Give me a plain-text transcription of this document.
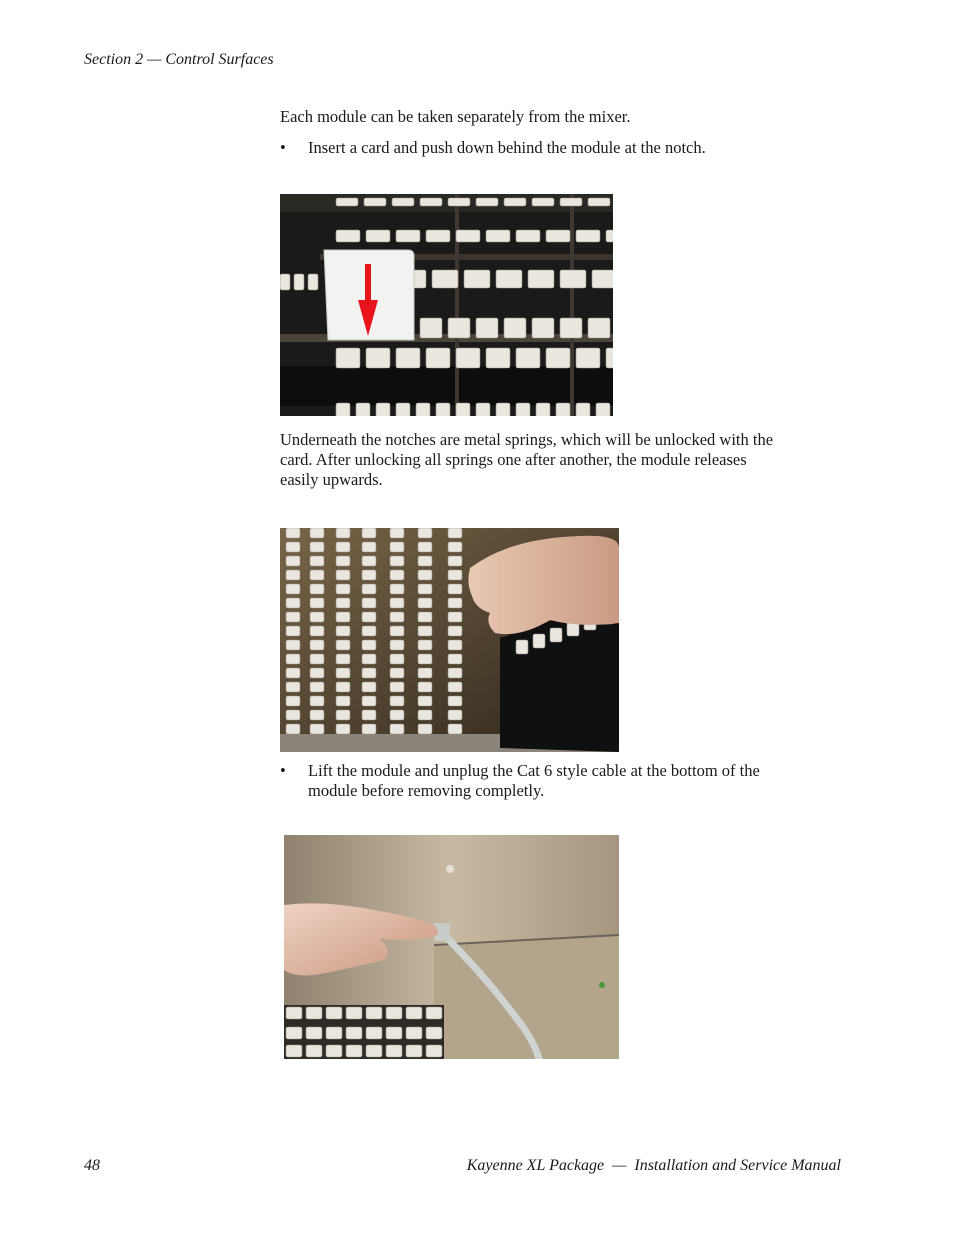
Section 2 — Control Surfaces
Each module can be taken separately from the mixer.
• Insert a card and push down behind the module at the notch.
Underneath the notches are metal springs, which will be unlocked with the
card. After unlocking all springs one after another, the module releases
easily upwards.
• Lift the module and unplug the Cat 6 style cable at the bottom of the
module before removing completly.
48	Kayenne XL Package  —  Installation and Service Manual
